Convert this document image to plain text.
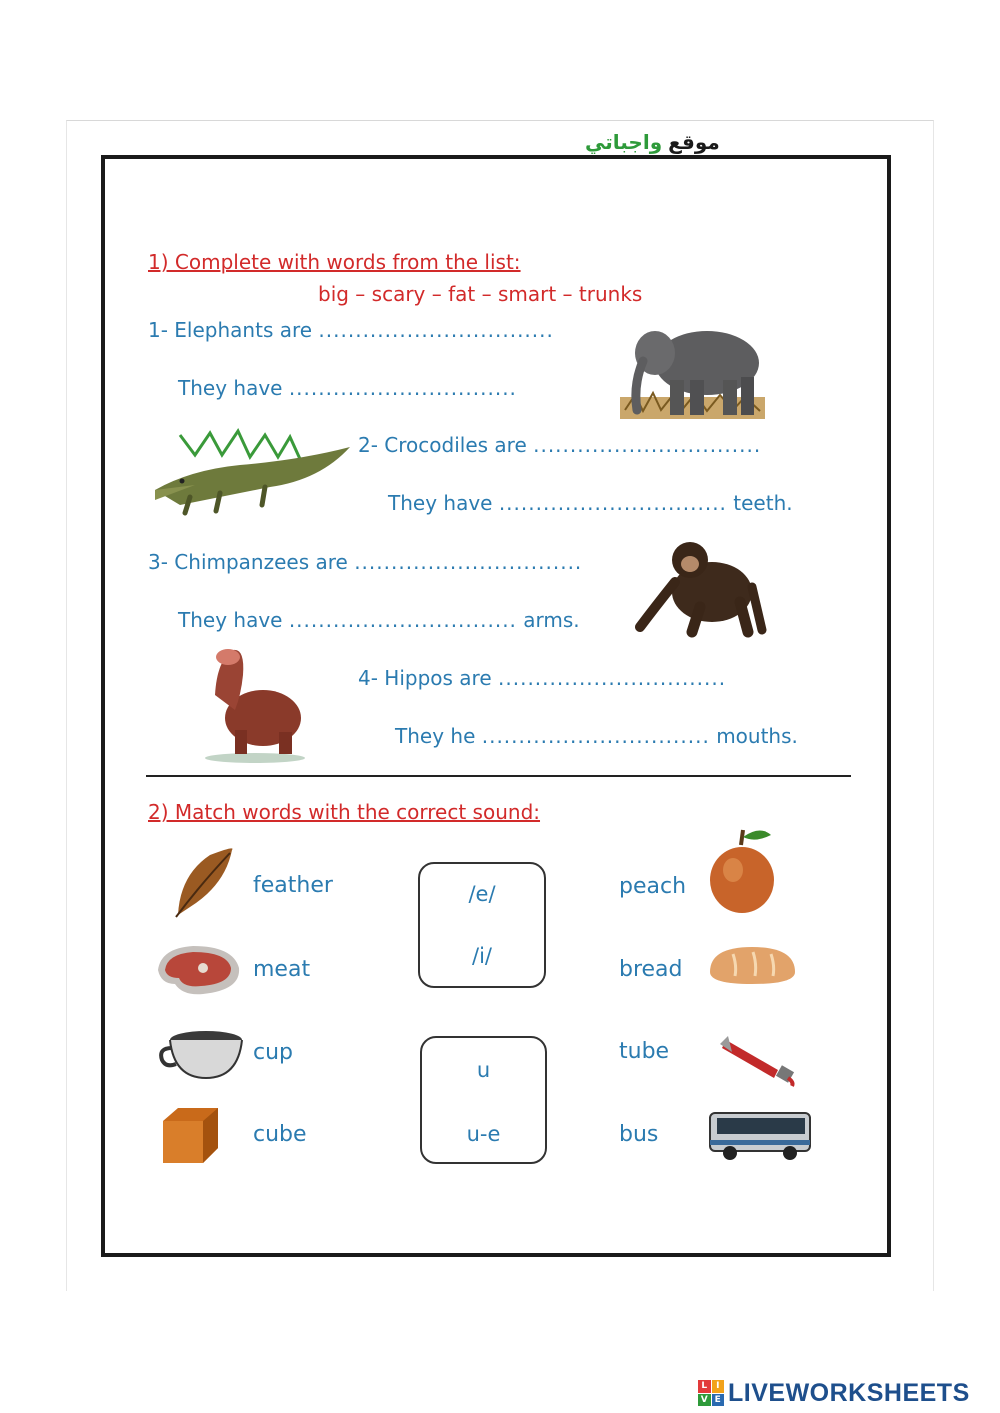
موقع
واجباتي
1) Complete with words from the list:
big – scary – fat – smart – trunks
1- Elephants are ................................
They have ...............................
2- Crocodiles are ...............................
They have ............................... teeth.
3- Chimpanzees are ...............................
They have ............................... arms.
4- Hippos are ...............................
They he ............................... mouths.
2) Match words with the correct sound:
feather
meat
cup
cube
peach
bread
tube
bus
/e/
/i/
u
u-e
L I
V E LIVEWORKSHEETS
